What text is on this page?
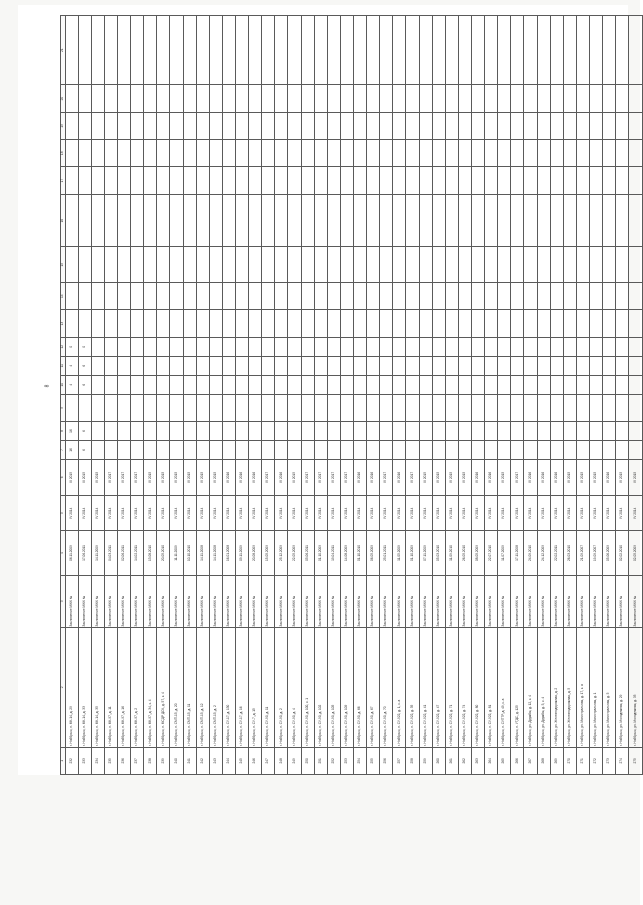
8
1	2	3	4	5	6	7	8	9	10	11	12	13	14	15	16	17	18	19	20	21
232	г. Нойбрьск, п. МК-14, д. 29	Заключение МЖК №	06.11.2009	IV 2014	III 2015	16	16		4	4	0									
233	г. Нойбрьск, п. МК-14, д. 33	Заключение МЖК №	17.06.2011	IV 2014	III 2015	6	6		6	6	0									
234	г. Нойбрьск, п. МК-14, д. 35	Заключение МЖК №	14.11.2009	IV 2014	IV 2015															
235	г. Нойбрьск, п. МК-97, д. 11	Заключение МЖК №	04.03.2011	IV 2014	IV 2017															
236	г. Нойбрьск, п. МК-97, д. 16	Заключение МЖК №	02.06.2011	IV 2014	IV 2017															
237	г. Нойбрьск, п. МК-97, д. 2	Заключение МЖК №	14.02.2011	IV 2014	IV 2017															
238	г. Нойбрьск, п. МК-97, д. 34, к. 4	Заключение МЖК №	13.08.2010	IV 2014	IV 2015															
239	г. Нойбрьск, п. МСДР ДСК, д. 57, к. 4	Заключение МЖК №	20.05.2010	IV 2014	IV 2015															
240	г. Нойбрьск, п. СМП-15, д. 20	Заключение МЖК №	11.11.2009	IV 2014	IV 2015															
241	г. Нойбрьск, п. СМП-15, д. 11	Заключение МЖК №	10.10.2010	IV 2014	IV 2015															
242	г. Нойбрьск, п. СМП-15, д. 12	Заключение МЖК №	14.11.2008	IV 2014	IV 2015															
243	г. Нойбрьск, п. СМП-15, д. 2	Заключение МЖК №	14.11.2008	IV 2014	IV 2015															
244	г. Нойбрьск, п. СУ-17, д. 130	Заключение МЖК №	16.01.2008	IV 2014	IV 2016															
245	г. Нойбрьск, п. СУ-17, д. 16	Заключение МЖК №	09.11.2009	IV 2014	IV 2016															
246	г. Нойбрьск, п. СУ-7, д. 15	Заключение МЖК №	20.08.2009	IV 2014	IV 2016															
247	г. Нойбрьск, п. СУ-90, д. 11	Заключение МЖК №	15.05.2009	IV 2014	IV 2017															
248	г. Нойбрьск, п. СУ-90, д. 2	Заключение МЖК №	25.12.2009	IV 2014	IV 2016															
249	г. Нойбрьск, п. СУ-90, д. 4	Заключение МЖК №	22.05.2009	IV 2014	III 2015															
250	г. Нойбрьск, п. СУ-90, д. 100, к. 1	Заключение МЖК №	05.06.2011	IV 2014	IV 2017															
251	г. Нойбрьск, п. СУ-90, д. 102	Заключение МЖК №	01.10.2009	IV 2014	IV 2017															
252	г. Нойбрьск, п. СУ-90, д. 105	Заключение МЖК №	19.04.2011	IV 2014	IV 2017															
253	г. Нойбрьск, п. СУ-90, д. 109	Заключение МЖК №	14.08.2009	IV 2014	IV 2017															
254	г. Нойбрьск, п. СУ-90, д. 66	Заключение МЖК №	01.10.2010	IV 2014	IV 2016															
255	г. Нойбрьск, п. СУ-90, д. 67	Заключение МЖК №	06.05.2009	IV 2014	IV 2016															
256	г. Нойбрьск, п. СУ-90, д. 70	Заключение МЖК №	25.01.2011	IV 2014	IV 2017															
257	г. Нойбрьск, п. СУ-922, д. 1, к. а	Заключение МЖК №	11.05.2009	IV 2014	IV 2016															
258	г. Нойбрьск, п. СУ-922, д. 35	Заключение МЖК №	01.10.2009	IV 2014	IV 2017															
259	г. Нойбрьск, п. СУ-922, д. 41	Заключение МЖК №	07.11.2009	IV 2014	III 2015															
260	г. Нойбрьск, п. СУ-922, д. 47	Заключение МЖК №	05.03.2010	IV 2014	IV 2015															
261	г. Нойбрьск, п. СУ-922, д. 71	Заключение МЖК №	11.09.2010	IV 2014	IV 2015															
262	г. Нойбрьск, п. СУ-922, д. 74	Заключение МЖК №	26.05.2010	IV 2014	IV 2015															
263	г. Нойбрьск, п. СУ-922, д. 80	Заключение МЖК №	08.05.2009	IV 2014	IV 2016															
264	г. Нойбрьск, п. СУ-922, д. 81	Заключение МЖК №	22.07.2010	IV 2014	IV 2016															
265	г. Нойбрьск, п. СУПТР, д. 49, к. а	Заключение МЖК №	11.07.2009	IV 2014	IV 2015															
266	г. Нойбрьск, п. УТДС, д. 125	Заключение МЖК №	17.11.2008	IV 2014	IV 2017															
267	г. Нойбрьск, ул. Дружбы, д. 12, к. 4	Заключение МЖК №	24.09.2010	IV 2014	IV 2016															
268	г. Нойбрьск, ул. Дружбы, д. 5, к. 4	Заключение МЖК №	24.12.2009	IV 2014	IV 2016															
269	г. Нойбрьск, ул. Железнодорожная, д. 2	Заключение МЖК №	22.02.2011	IV 2014	IV 2016															
270	г. Нойбрьск, ул. Железнодорожная, д. 5	Заключение МЖК №	26.03.2010	IV 2014	IV 2015															
271	г. Нойбрьск, ул. Магистральная, д. 17, к. а	Заключение МЖК №	21.09.2007	IV 2014	IV 2015															
272	г. Нойбрьск, ул. Магистральная, д. 1	Заключение МЖК №	19.09.2007	IV 2014	IV 2015															
273	г. Нойбрьск, ул. Магистральная, д. 5	Заключение МЖК №	05.06.2009	IV 2014	IV 2016															
274	г. Нойбрьск, ул. Молодежная, д. 29	Заключение МЖК №	02.02.2010	IV 2014	IV 2015															
275	г. Нойбрьск, ул. Молодежная, д. 33	Заключение МЖК №	02.05.2009	IV 2014	IV 2015															
